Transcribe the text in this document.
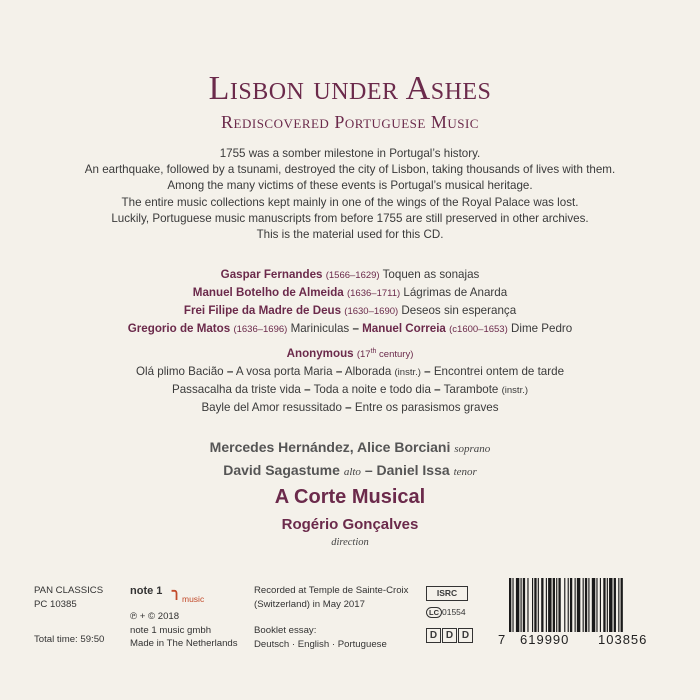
Lisbon under Ashes
Rediscovered Portuguese Music
1755 was a somber milestone in Portugal’s history.
An earthquake, followed by a tsunami, destroyed the city of Lisbon, taking thousands of lives with them.
Among the many victims of these events is Portugal’s musical heritage.
The entire music collections kept mainly in one of the wings of the Royal Palace was lost.
Luckily, Portuguese music manuscripts from before 1755 are still preserved in other archives.
This is the material used for this CD.
Gaspar Fernandes (1566–1629) Toquen as sonajas
Manuel Botelho de Almeida (1636–1711) Lágrimas de Anarda
Frei Filipe da Madre de Deus (1630–1690) Deseos sin esperança
Gregorio de Matos (1636–1696) Mariniculas – Manuel Correia (c1600–1653) Dime Pedro
Anonymous (17th century)
Olá plimo Bacião – A vosa porta Maria – Alborada (instr.) – Encontrei ontem de tarde
Passacalha da triste vida – Toda a noite e todo dia – Tarambote (instr.)
Bayle del Amor resussitado – Entre os parasismos graves
Mercedes Hernández, Alice Borciani soprano
David Sagastume alto – Daniel Issa tenor
A Corte Musical
Rogério Gonçalves
direction
PAN CLASSICS
PC 10385
Total time: 59:50
note 1 ╮ music
℗ + © 2018
note 1 music gmbh
Made in The Netherlands
Recorded at Temple de Sainte-Croix
(Switzerland) in May 2017
Booklet essay:
Deutsch · English · Portuguese
ISRC
LC 01554
D D D	7 619990 103856
